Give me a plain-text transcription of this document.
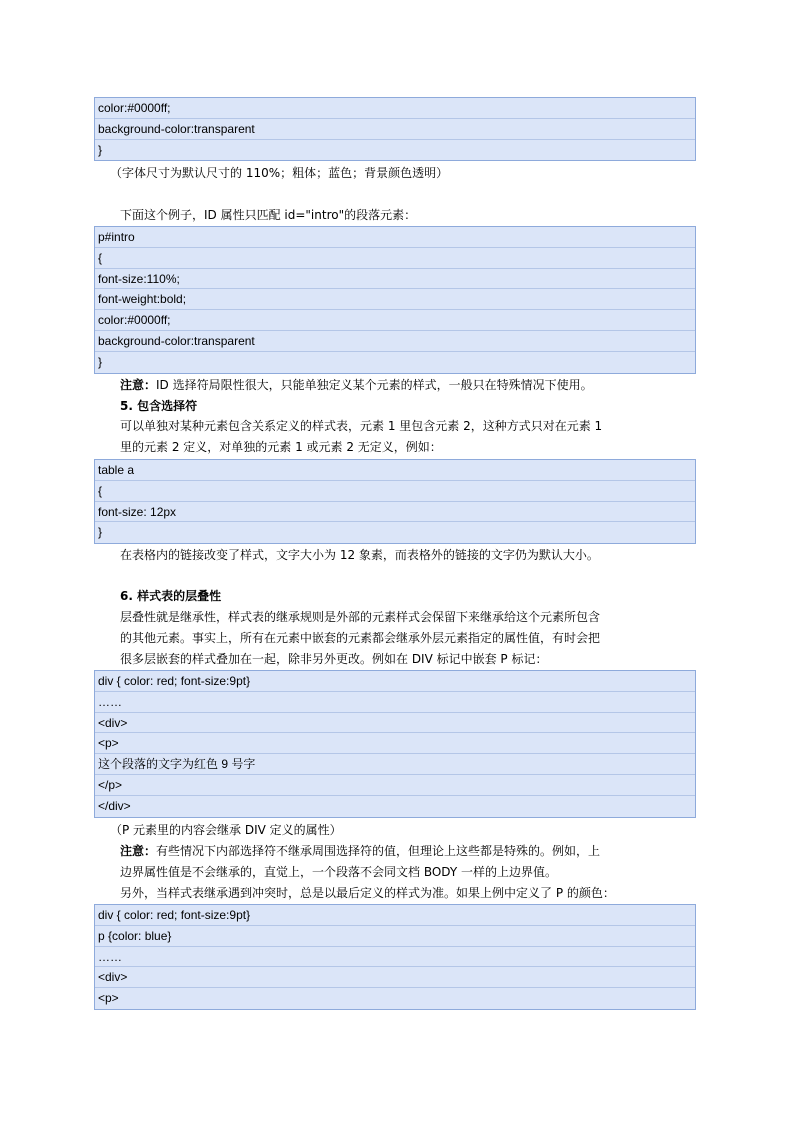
color:#0000ff;
background-color:transparent
}
（字体尺寸为默认尺寸的 110%；粗体；蓝色；背景颜色透明）
下面这个例子，ID 属性只匹配 id="intro"的段落元素：
p#intro
{
font-size:110%;
font-weight:bold;
color:#0000ff;
background-color:transparent
}
注意：ID 选择符局限性很大，只能单独定义某个元素的样式，一般只在特殊情况下使用。
5. 包含选择符
可以单独对某种元素包含关系定义的样式表，元素 1 里包含元素 2，这种方式只对在元素 1
里的元素 2 定义，对单独的元素 1 或元素 2 无定义，例如：
table a
{
font-size: 12px
}
在表格内的链接改变了样式，文字大小为 12 象素，而表格外的链接的文字仍为默认大小。
6. 样式表的层叠性
层叠性就是继承性，样式表的继承规则是外部的元素样式会保留下来继承给这个元素所包含
的其他元素。事实上，所有在元素中嵌套的元素都会继承外层元素指定的属性值，有时会把
很多层嵌套的样式叠加在一起，除非另外更改。例如在 DIV 标记中嵌套 P 标记：
div { color: red; font-size:9pt}
……
<div>
<p>
这个段落的文字为红色 9 号字
</p>
</div>
（P 元素里的内容会继承 DIV 定义的属性）
注意：有些情况下内部选择符不继承周围选择符的值，但理论上这些都是特殊的。例如，上
边界属性值是不会继承的，直觉上，一个段落不会同文档 BODY 一样的上边界值。
另外，当样式表继承遇到冲突时，总是以最后定义的样式为准。如果上例中定义了 P 的颜色：
div { color: red; font-size:9pt}
p {color: blue}
……
<div>
<p>
